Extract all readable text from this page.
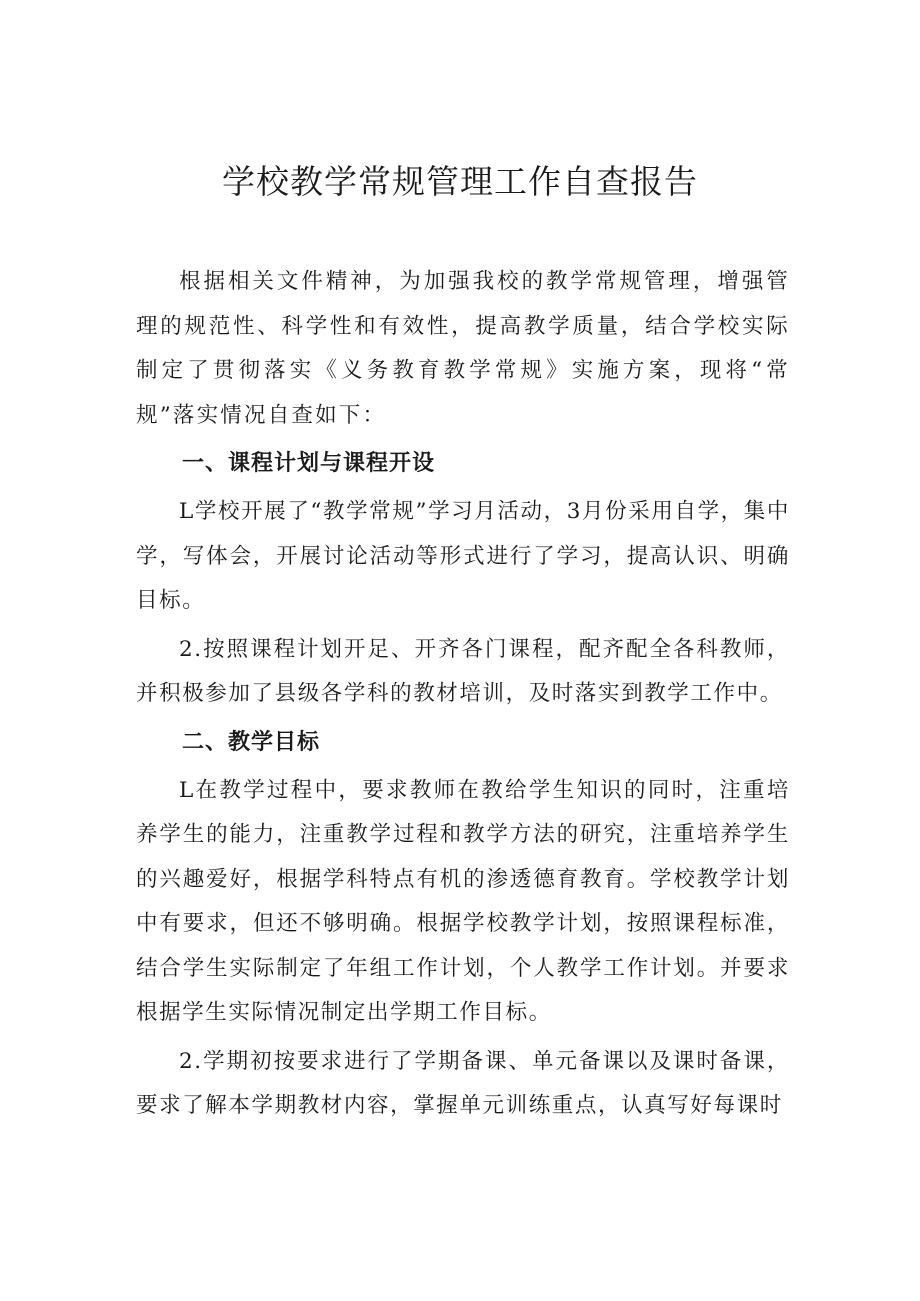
学校教学常规管理工作自查报告

根据相关文件精神，为加强我校的教学常规管理，增强管理的规范性、科学性和有效性，提高教学质量，结合学校实际制定了贯彻落实《义务教育教学常规》实施方案，现将“常规”落实情况自查如下：

一、课程计划与课程开设

L学校开展了“教学常规”学习月活动，3月份采用自学，集中学，写体会，开展讨论活动等形式进行了学习，提高认识、明确目标。

2.按照课程计划开足、开齐各门课程，配齐配全各科教师，并积极参加了县级各学科的教材培训，及时落实到教学工作中。

二、教学目标

L在教学过程中，要求教师在教给学生知识的同时，注重培养学生的能力，注重教学过程和教学方法的研究，注重培养学生的兴趣爱好，根据学科特点有机的渗透德育教育。学校教学计划中有要求，但还不够明确。根据学校教学计划，按照课程标准，结合学生实际制定了年组工作计划，个人教学工作计划。并要求根据学生实际情况制定出学期工作目标。

2.学期初按要求进行了学期备课、单元备课以及课时备课，要求了解本学期教材内容，掌握单元训练重点，认真写好每课时
